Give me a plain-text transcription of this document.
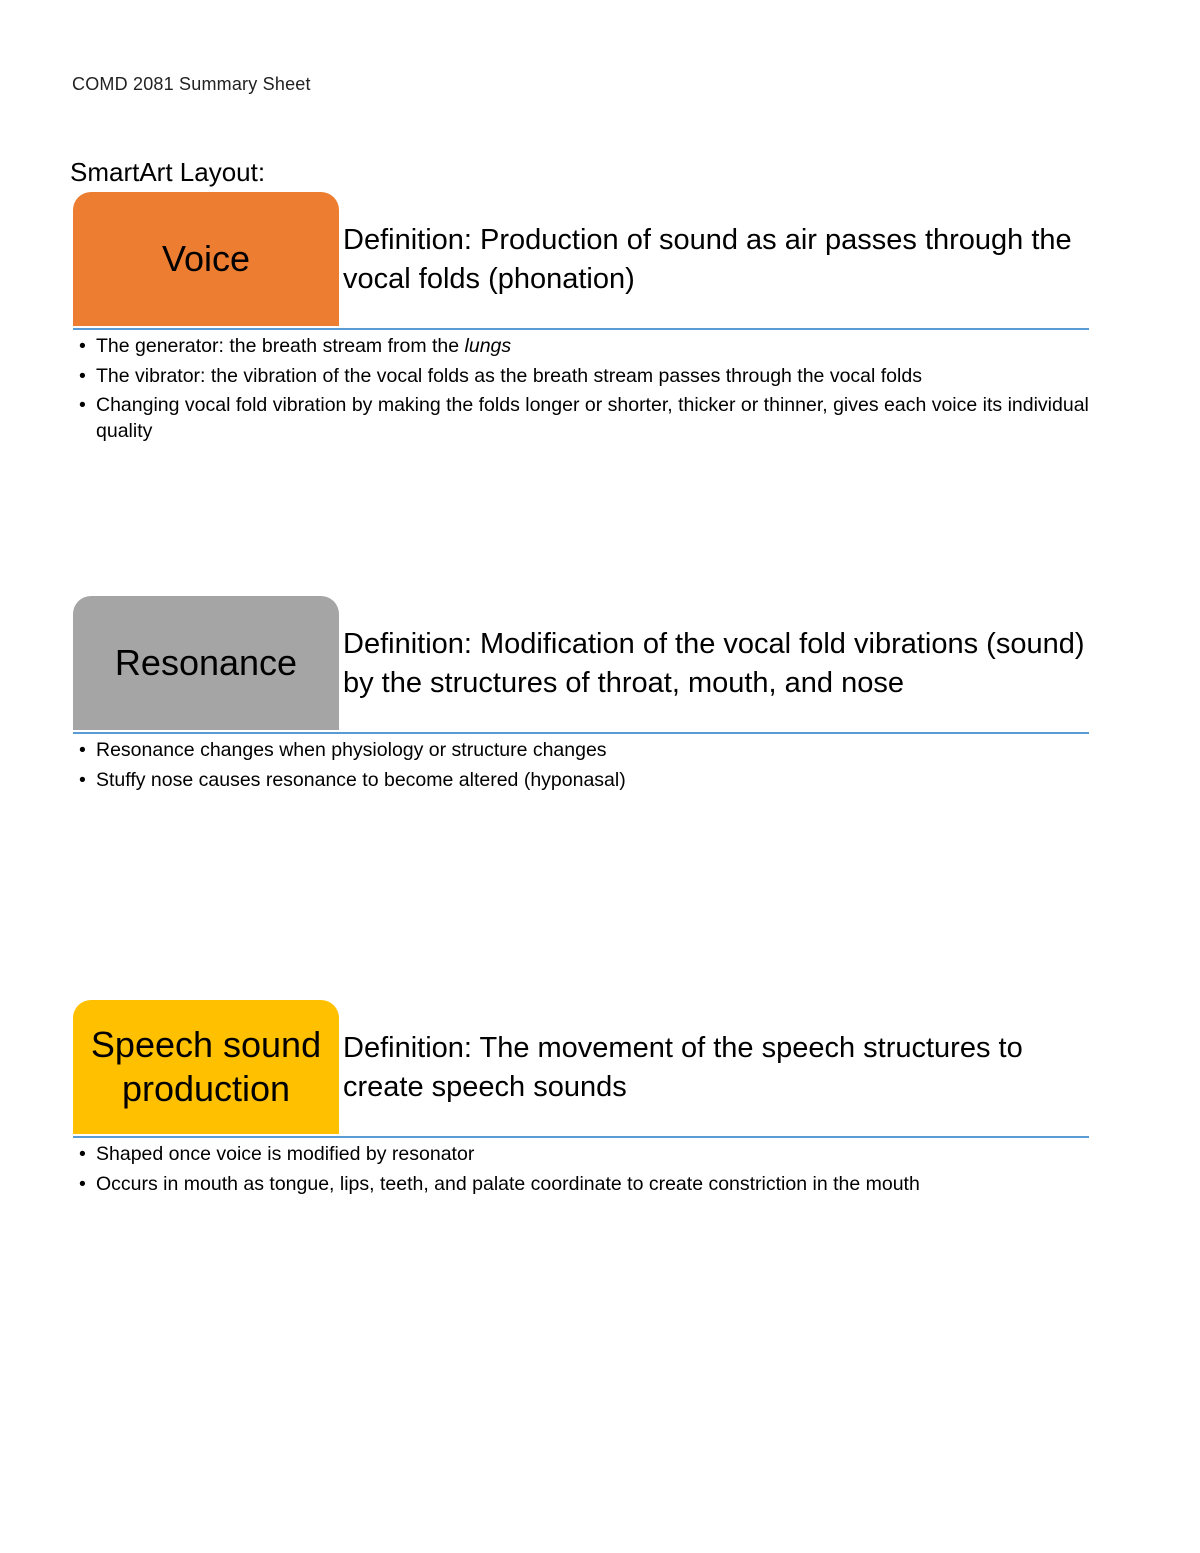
COMD 2081 Summary Sheet
SmartArt Layout:
Voice	Definition: Production of sound as air passes through the vocal folds (phonation)
• The generator: the breath stream from the lungs
• The vibrator: the vibration of the vocal folds as the breath stream passes through the vocal folds
• Changing vocal fold vibration by making the folds longer or shorter, thicker or thinner, gives each voice its individual quality
Resonance Definition: Modification of the vocal fold vibrations (sound) by the structures of throat, mouth, and nose
• Resonance changes when physiology or structure changes
• Stuffy nose causes resonance to become altered (hyponasal)
Speech sound production
Definition: The movement of the speech structures to create speech sounds
• Shaped once voice is modified by resonator
• Occurs in mouth as tongue, lips, teeth, and palate coordinate to create constriction in the mouth
